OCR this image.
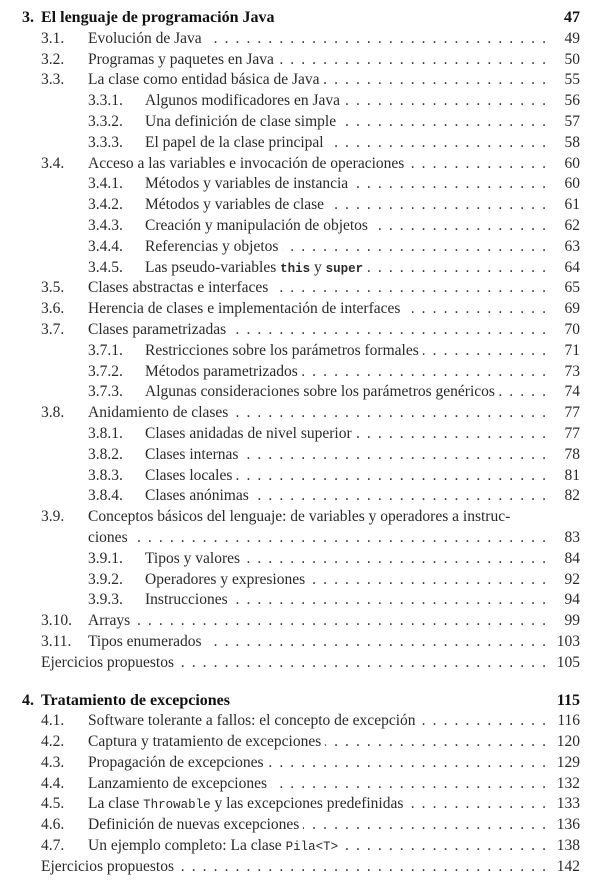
3. El lenguaje de programación Java	47
3.1. Evolución de Java . . .	49
3.2. Programas y paquetes en Java . . .	50
3.3. La clase como entidad básica de Java . . .	55
3.3.1. Algunos modificadores en Java . . .	56
3.3.2. Una definición de clase simple . . .	57
3.3.3. El papel de la clase principal . . .	58
3.4. Acceso a las variables e invocación de operaciones . . .	60
3.4.1. Métodos y variables de instancia . . .	60
3.4.2. Métodos y variables de clase . . .	61
3.4.3. Creación y manipulación de objetos . . .	62
3.4.4. Referencias y objetos . . .	63
3.4.5. Las pseudo-variables this y super . . .	64
3.5. Clases abstractas e interfaces . . .	65
3.6. Herencia de clases e implementación de interfaces . . .	69
3.7. Clases parametrizadas . . .	70
3.7.1. Restricciones sobre los parámetros formales . . .	71
3.7.2. Métodos parametrizados . . .	73
3.7.3. Algunas consideraciones sobre los parámetros genéricos . . .	74
3.8. Anidamiento de clases . . .	77
3.8.1. Clases anidadas de nivel superior . . .	77
3.8.2. Clases internas . . .	78
3.8.3. Clases locales . . .	81
3.8.4. Clases anónimas . . .	82
3.9. Conceptos básicos del lenguaje: de variables y operadores a instruc-
ciones . . .	83
3.9.1. Tipos y valores . . .	84
3.9.2. Operadores y expresiones . . .	92
3.9.3. Instrucciones . . .	94
3.10. Arrays . . .	99
3.11. Tipos enumerados . . .	103
Ejercicios propuestos . . .	105
4. Tratamiento de excepciones	115
4.1. Software tolerante a fallos: el concepto de excepción . . .	116
4.2. Captura y tratamiento de excepciones . . .	120
4.3. Propagación de excepciones . . .	129
4.4. Lanzamiento de excepciones . . .	132
4.5. La clase Throwable y las excepciones predefinidas . . .	133
4.6. Definición de nuevas excepciones . . .	136
4.7. Un ejemplo completo: La clase Pila<T> . . .	138
Ejercicios propuestos . . .	142
